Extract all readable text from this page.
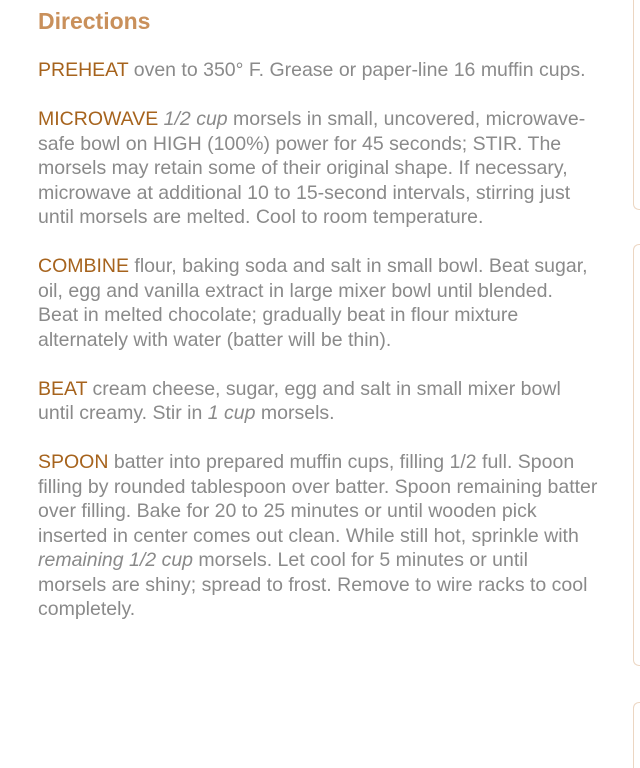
Directions

PREHEAT oven to 350° F. Grease or paper-line 16 muffin cups.

MICROWAVE 1/2 cup morsels in small, uncovered, microwave-safe bowl on HIGH (100%) power for 45 seconds; STIR. The morsels may retain some of their original shape. If necessary, microwave at additional 10 to 15-second intervals, stirring just until morsels are melted. Cool to room temperature.

COMBINE flour, baking soda and salt in small bowl. Beat sugar, oil, egg and vanilla extract in large mixer bowl until blended. Beat in melted chocolate; gradually beat in flour mixture alternately with water (batter will be thin).

BEAT cream cheese, sugar, egg and salt in small mixer bowl until creamy. Stir in 1 cup morsels.

SPOON batter into prepared muffin cups, filling 1/2 full. Spoon filling by rounded tablespoon over batter. Spoon remaining batter over filling. Bake for 20 to 25 minutes or until wooden pick inserted in center comes out clean. While still hot, sprinkle with remaining 1/2 cup morsels. Let cool for 5 minutes or until morsels are shiny; spread to frost. Remove to wire racks to cool completely.
